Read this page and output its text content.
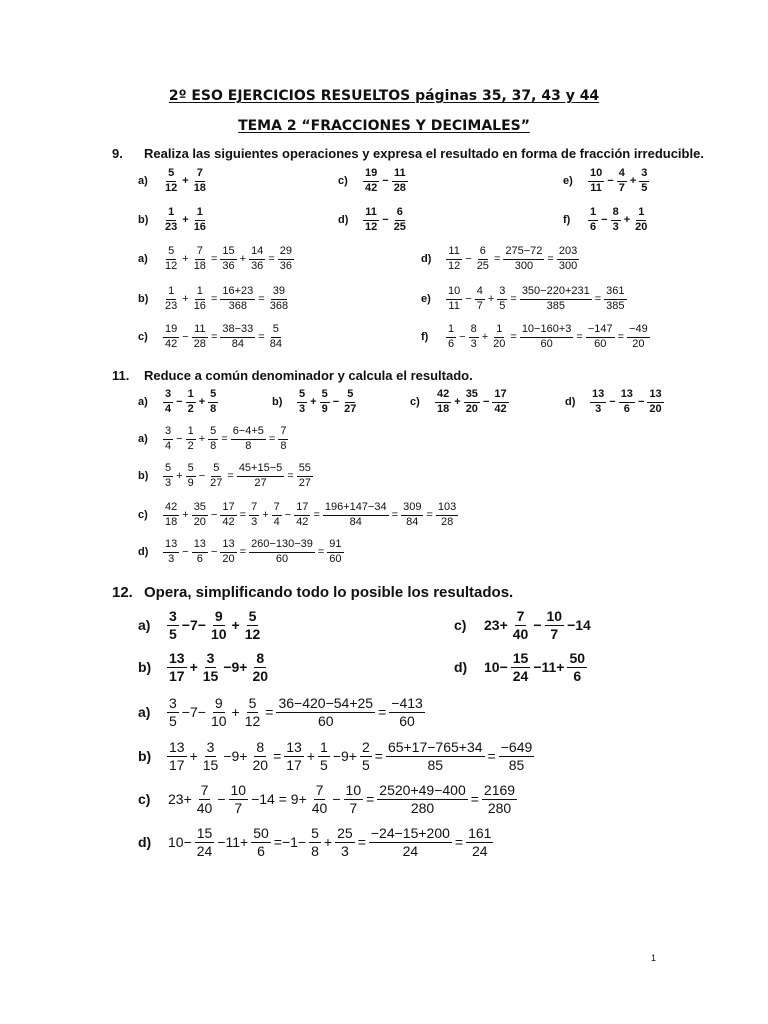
2º ESO EJERCICIOS RESUELTOS páginas 35, 37, 43 y 44
TEMA 2 “FRACCIONES Y DECIMALES”
9. Realiza las siguientes operaciones y expresa el resultado en forma de fracción irreducible.
a)	$\frac{5}{12} + \frac{7}{18}$	c)	$\frac{19}{42} - \frac{11}{28}$	e)	$\frac{10}{11} - \frac{4}{7} + \frac{3}{5}$
b)	$\frac{1}{23} + \frac{1}{16}$	d)	$\frac{11}{12} - \frac{6}{25}$	f)	$\frac{1}{6} - \frac{8}{3} + \frac{1}{20}$
a)	$\frac{5}{12} + \frac{7}{18} = \frac{15}{36} + \frac{14}{36} = \frac{29}{36}$	d)	$\frac{11}{12} - \frac{6}{25} = \frac{275-72}{300} = \frac{203}{300}$
b)	$\frac{1}{23} + \frac{1}{16} = \frac{16+23}{368} = \frac{39}{368}$	e)	$\frac{10}{11} - \frac{4}{7} + \frac{3}{5} = \frac{350-220+231}{385} = \frac{361}{385}$
c)	$\frac{19}{42} - \frac{11}{28} = \frac{38-33}{84} = \frac{5}{84}$	f)	$\frac{1}{6} - \frac{8}{3} + \frac{1}{20} = \frac{10-160+3}{60} = \frac{-147}{60} = \frac{-49}{20}$
11. Reduce a común denominador y calcula el resultado.
a)	$\frac{3}{4} - \frac{1}{2} + \frac{5}{8}$	b)	$\frac{5}{3} + \frac{5}{9} - \frac{5}{27}$	c)	$\frac{42}{18} + \frac{35}{20} - \frac{17}{42}$	d)	$\frac{13}{3} - \frac{13}{6} - \frac{13}{20}$
a)	$\frac{3}{4} - \frac{1}{2} + \frac{5}{8} = \frac{6-4+5}{8} = \frac{7}{8}$
b)	$\frac{5}{3} + \frac{5}{9} - \frac{5}{27} = \frac{45+15-5}{27} = \frac{55}{27}$
c)	$\frac{42}{18} + \frac{35}{20} - \frac{17}{42} = \frac{7}{3} + \frac{7}{4} - \frac{17}{42} = \frac{196+147-34}{84} = \frac{309}{84} = \frac{103}{28}$
d)	$\frac{13}{3} - \frac{13}{6} - \frac{13}{20} = \frac{260-130-39}{60} = \frac{91}{60}$
12. Opera, simplificando todo lo posible los resultados.
a)	$\frac{3}{5} -7- \frac{9}{10} + \frac{5}{12}$	c)	$23+ \frac{7}{40} - \frac{10}{7} -14$
b)	$\frac{13}{17} + \frac{3}{15} -9+ \frac{8}{20}$	d)	$10- \frac{15}{24} -11+ \frac{50}{6}$
a)	$\frac{3}{5} -7- \frac{9}{10} + \frac{5}{12} = \frac{36-420-54+25}{60} = \frac{-413}{60}$
b)	$\frac{13}{17} + \frac{3}{15} -9+ \frac{8}{20} = \frac{13}{17} + \frac{1}{5} -9+ \frac{2}{5} = \frac{65+17-765+34}{85} = \frac{-649}{85}$
c)	$23+ \frac{7}{40} - \frac{10}{7} -14 = 9+ \frac{7}{40} - \frac{10}{7} = \frac{2520+49-400}{280} = \frac{2169}{280}$
d)	$10- \frac{15}{24} -11+ \frac{50}{6} =-1- \frac{5}{8} + \frac{25}{3} = \frac{-24-15+200}{24} = \frac{161}{24}$
1
